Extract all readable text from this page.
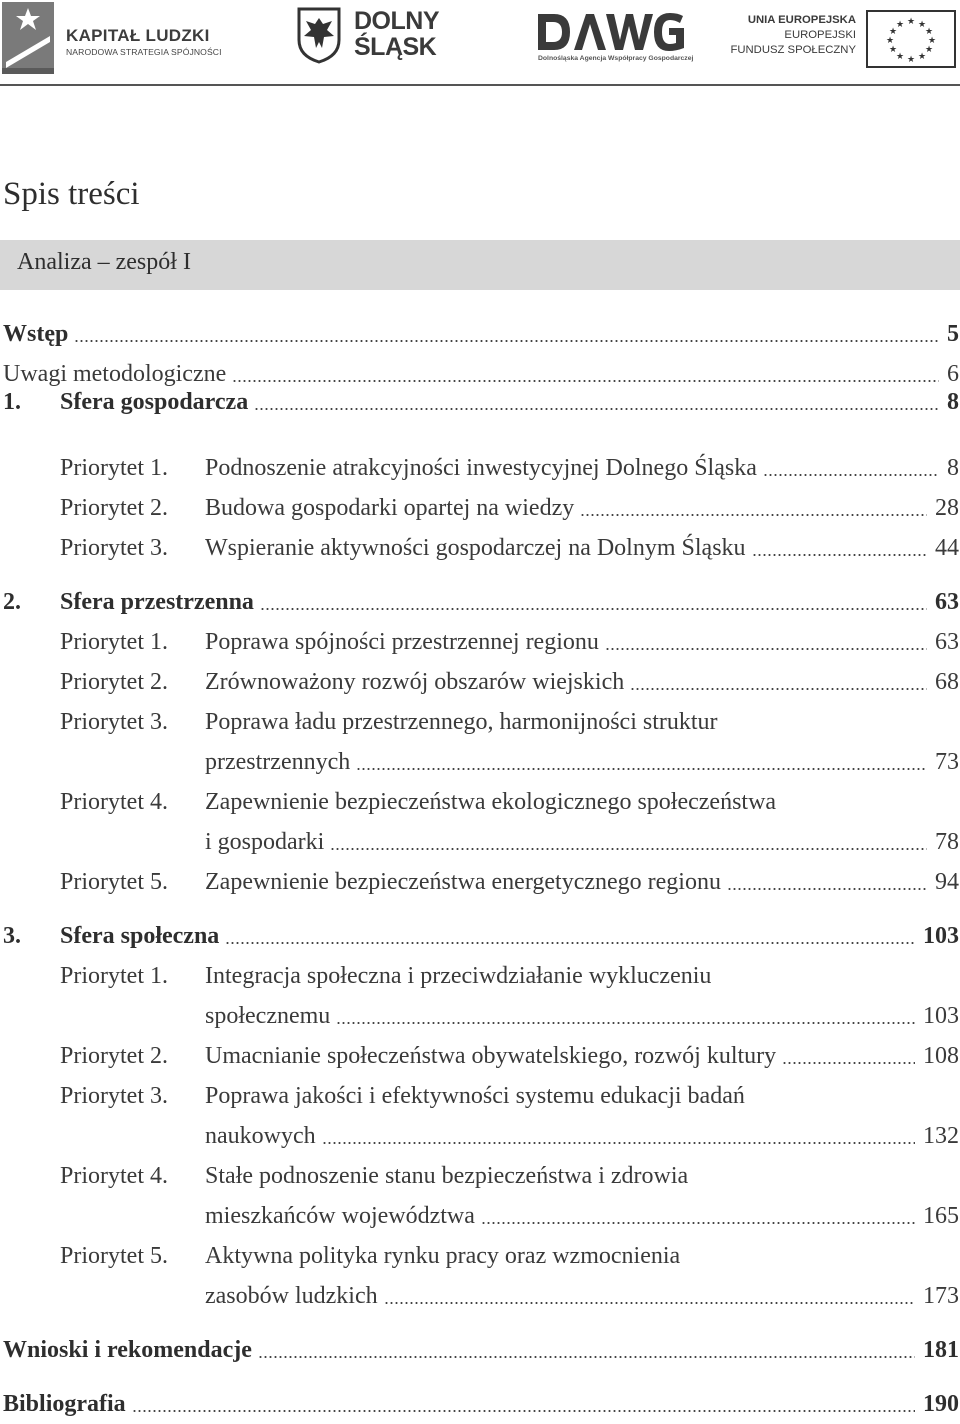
KAPITAŁ LUDZKI
NARODOWA STRATEGIA SPÓJNOŚCI
DOLNY
ŚLĄSK	Dolnośląska Agencja Współpracy Gospodarczej
UNIA EUROPEJSKA
EUROPEJSKI
FUNDUSZ SPOŁECZNY
★ ★
★
★
★
★
★
★
★
★
★
★
Spis treści
Analiza – zespół I
Wstęp	5
Uwagi metodologiczne	6
1. Sfera gospodarcza	8
Priorytet 1. Podnoszenie atrakcyjności inwestycyjnej Dolnego Śląska	8
Priorytet 2. Budowa gospodarki opartej na wiedzy	28
Priorytet 3. Wspieranie aktywności gospodarczej na Dolnym Śląsku	44
2. Sfera przestrzenna	63
Priorytet 1. Poprawa spójności przestrzennej regionu	63
Priorytet 2. Zrównoważony rozwój obszarów wiejskich	68
Priorytet 3. Poprawa ładu przestrzennego, harmonijności struktur
przestrzennych	73
Priorytet 4. Zapewnienie bezpieczeństwa ekologicznego społeczeństwa
i gospodarki	78
Priorytet 5. Zapewnienie bezpieczeństwa energetycznego regionu	94
3. Sfera społeczna	103
Priorytet 1. Integracja społeczna i przeciwdziałanie wykluczeniu
społecznemu	103
Priorytet 2. Umacnianie społeczeństwa obywatelskiego, rozwój kultury	108
Priorytet 3. Poprawa jakości i efektywności systemu edukacji badań
naukowych	132
Priorytet 4. Stałe podnoszenie stanu bezpieczeństwa i zdrowia
mieszkańców województwa	165
Priorytet 5. Aktywna polityka rynku pracy oraz wzmocnienia
zasobów ludzkich	173
Wnioski i rekomendacje	181
Bibliografia	190
